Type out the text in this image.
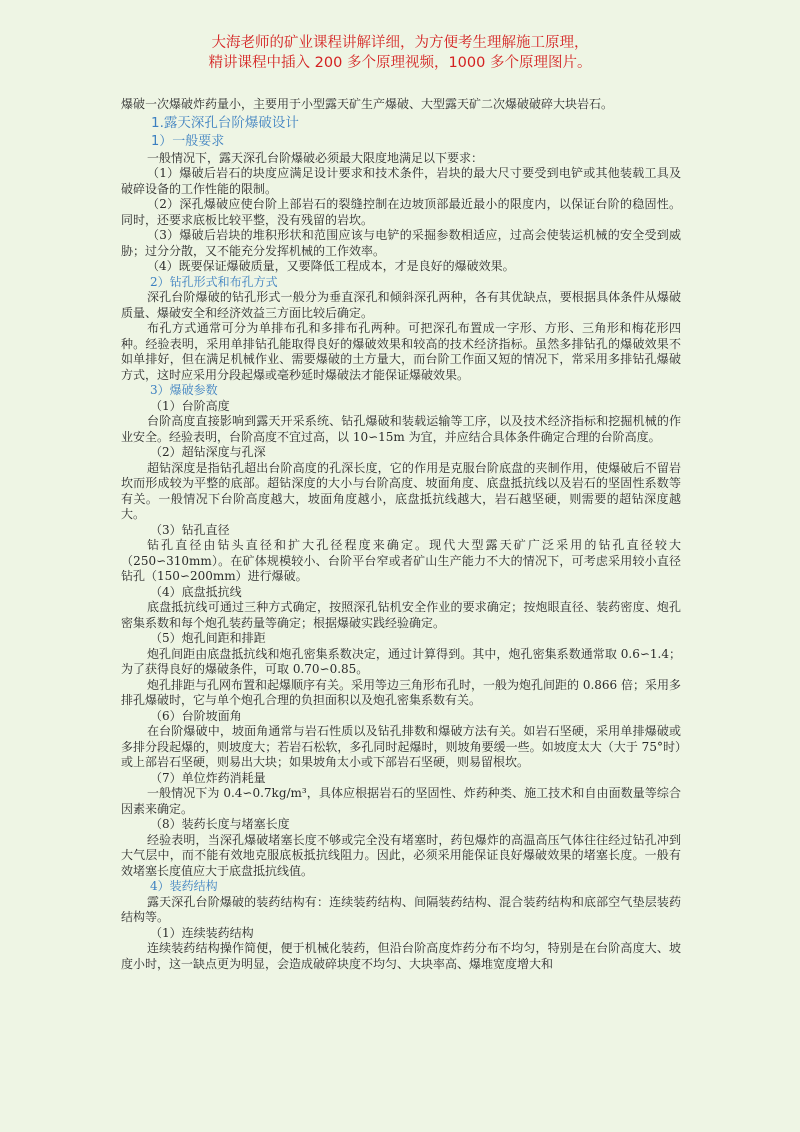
大海老师的矿业课程讲解详细，为方便考生理解施工原理，
精讲课程中插入 200 多个原理视频，1000 多个原理图片。

爆破一次爆破炸药量小，主要用于小型露天矿生产爆破、大型露天矿二次爆破破碎大块岩石。

1.露天深孔台阶爆破设计

1）一般要求

一般情况下，露天深孔台阶爆破必须最大限度地满足以下要求：

（1）爆破后岩石的块度应满足设计要求和技术条件，岩块的最大尺寸要受到电铲或其他装载工具及破碎设备的工作性能的限制。

（2）深孔爆破应使台阶上部岩石的裂缝控制在边坡顶部最近最小的限度内，以保证台阶的稳固性。同时，还要求底板比较平整，没有残留的岩坎。

（3）爆破后岩块的堆积形状和范围应该与电铲的采掘参数相适应，过高会使装运机械的安全受到威胁；过分分散，又不能充分发挥机械的工作效率。

（4）既要保证爆破质量，又要降低工程成本，才是良好的爆破效果。

2）钻孔形式和布孔方式

深孔台阶爆破的钻孔形式一般分为垂直深孔和倾斜深孔两种，各有其优缺点，要根据具体条件从爆破质量、爆破安全和经济效益三方面比较后确定。

布孔方式通常可分为单排布孔和多排布孔两种。可把深孔布置成一字形、方形、三角形和梅花形四种。经验表明，采用单排钻孔能取得良好的爆破效果和较高的技术经济指标。虽然多排钻孔的爆破效果不如单排好，但在满足机械作业、需要爆破的土方量大，而台阶工作面又短的情况下，常采用多排钻孔爆破方式，这时应采用分段起爆或毫秒延时爆破法才能保证爆破效果。

3）爆破参数

（1）台阶高度

台阶高度直接影响到露天开采系统、钻孔爆破和装载运输等工序，以及技术经济指标和挖掘机械的作业安全。经验表明，台阶高度不宜过高，以 10∽15m 为宜，并应结合具体条件确定合理的台阶高度。

（2）超钻深度与孔深

超钻深度是指钻孔超出台阶高度的孔深长度，它的作用是克服台阶底盘的夹制作用，使爆破后不留岩坎而形成较为平整的底部。超钻深度的大小与台阶高度、坡面角度、底盘抵抗线以及岩石的坚固性系数等有关。一般情况下台阶高度越大，坡面角度越小，底盘抵抗线越大，岩石越坚硬，则需要的超钻深度越大。

（3）钻孔直径

钻孔直径由钻头直径和扩大孔径程度来确定。现代大型露天矿广泛采用的钻孔直径较大（250∽310mm）。在矿体规模较小、台阶平台窄或者矿山生产能力不大的情况下，可考虑采用较小直径钻孔（150∽200mm）进行爆破。

（4）底盘抵抗线

底盘抵抗线可通过三种方式确定，按照深孔钻机安全作业的要求确定；按炮眼直径、装药密度、炮孔密集系数和每个炮孔装药量等确定；根据爆破实践经验确定。

（5）炮孔间距和排距

炮孔间距由底盘抵抗线和炮孔密集系数决定，通过计算得到。其中，炮孔密集系数通常取 0.6∽1.4；为了获得良好的爆破条件，可取 0.70∽0.85。

炮孔排距与孔网布置和起爆顺序有关。采用等边三角形布孔时，一般为炮孔间距的 0.866 倍；采用多排孔爆破时，它与单个炮孔合理的负担面积以及炮孔密集系数有关。

（6）台阶坡面角

在台阶爆破中，坡面角通常与岩石性质以及钻孔排数和爆破方法有关。如岩石坚硬，采用单排爆破或多排分段起爆的，则坡度大；若岩石松软，多孔同时起爆时，则坡角要缓一些。如坡度太大（大于 75°时）或上部岩石坚硬，则易出大块；如果坡角太小或下部岩石坚硬，则易留根坎。

（7）单位炸药消耗量

一般情况下为 0.4∽0.7kg/m³，具体应根据岩石的坚固性、炸药种类、施工技术和自由面数量等综合因素来确定。

（8）装药长度与堵塞长度

经验表明，当深孔爆破堵塞长度不够或完全没有堵塞时，药包爆炸的高温高压气体往往经过钻孔冲到大气层中，而不能有效地克服底板抵抗线阻力。因此，必须采用能保证良好爆破效果的堵塞长度。一般有效堵塞长度值应大于底盘抵抗线值。

4）装药结构

露天深孔台阶爆破的装药结构有：连续装药结构、间隔装药结构、混合装药结构和底部空气垫层装药结构等。

（1）连续装药结构

连续装药结构操作简便，便于机械化装药，但沿台阶高度炸药分布不均匀，特别是在台阶高度大、坡度小时，这一缺点更为明显，会造成破碎块度不均匀、大块率高、爆堆宽度增大和
